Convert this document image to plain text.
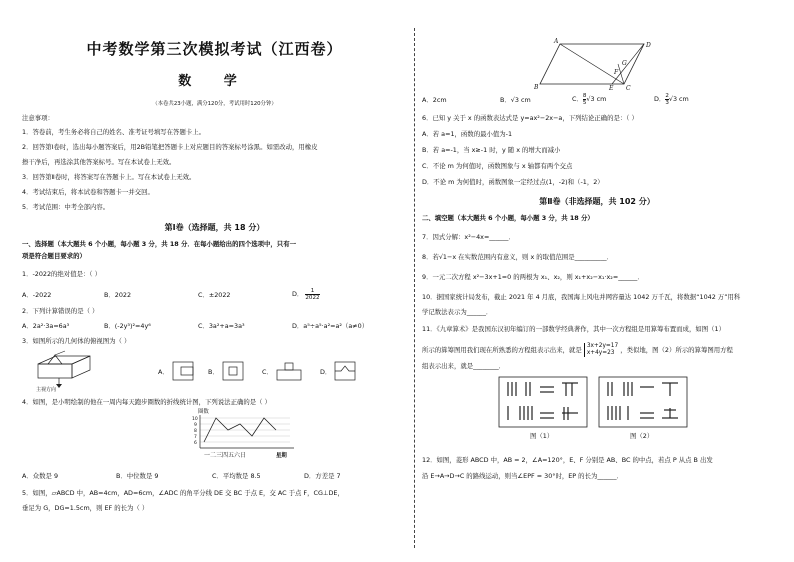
中考数学第三次模拟考试（江西卷）
数 学
（本卷共23小题，满分120分，考试用时120分钟）
注意事项：
1．答卷前，考生务必将自己的姓名、准考证号填写在答题卡上。
2．回答第Ⅰ卷时，选出每小题答案后，用2B铅笔把答题卡上对应题目的答案标号涂黑。如需改动，用橡皮
擦干净后，再选涂其他答案标号。写在本试卷上无效。
3．回答第Ⅱ卷时，将答案写在答题卡上。写在本试卷上无效。
4．考试结束后，将本试卷和答题卡一并交回。
5．考试范围：中考全部内容。
第Ⅰ卷（选择题，共 18 分）
一、选择题（本大题共 6 个小题，每小题 3 分，共 18 分．在每小题给出的四个选项中，只有一
项是符合题目要求的）
1．-2022的绝对值是：（ ）
A．-2022	B．2022	C．±2022	D． $\frac{1}{2022}$
2．下列计算错误的是（ ）
A．2a²·3a=6a³	B．(-2y³)²=4y⁶	C．3a²+a=3a³	D．a⁵÷a⁵·a²=a²（a≠0）
3．如图所示的几何体的俯视图为（ ）
主视方向
A．	B．	C．	D．
4．如图，是小明绘制的他在一周内每天跑步圈数的折线统计图，下列说法正确的是（ ）
圈数
10
9
8
7
6
一二三四五六日	星期
A．众数是 9	B．中位数是 9	C．平均数是 8.5	D．方差是 7
5．如图，▱ABCD 中，AB=4cm，AD=6cm，∠ADC 的角平分线 DE 交 BC 于点 E，交 AC 于点 F，CG⊥DE，
垂足为 G，DG=1.5cm，则 EF 的长为（ ）
A
D
B	C
E
F
G
A．2cm	B．√3 cm	C． $\frac{8}{5} √3$ cm	D． $\frac{2}{3} √3$ cm
6．已知 y 关于 x 的函数表达式是 y=ax²−2x−a，下列结论正确的是：（ ）
A．若 a=1，函数的最小值为-1
B．若 a=-1，当 x≥-1 时，y 随 x 的增大而减小
C．不论 m 为何值时，函数图象与 x 轴都有两个交点
D．不论 m 为何值时，函数图象一定经过点(1，-2)和（-1，2）
第Ⅱ卷（非选择题，共 102 分）
二、填空题（本大题共 6 个小题，每小题 3 分，共 18 分）
7．因式分解：x²−4x=______．
8．若√1−x 在实数范围内有意义，则 x 的取值范围是__________．
9．一元二次方程 x²−3x+1=0 的两根为 x₁、x₂，则 x₁+x₂−x₁·x₂=______．
10．据国家统计局发布，截止 2021 年 4 月底，我国海上风电并网容量达 1042 万千瓦，将数据“1042 万”用科
学记数法表示为______．
11．《九章算术》是我国东汉初年编订的一部数学经典著作，其中一次方程组是用算筹布置而成，如图（1）
所示的算筹图用我们现在所熟悉的方程组表示出来，就是 3x+2y=17
x+4y=23 ，类似地，图（2）所示的算筹图用方程
组表示出来，就是________．
图（1）	图（2）
12．如图，菱形 ABCD 中，AB = 2，∠A=120°，E、F 分别是 AB、BC 的中点，若点 P 从点 B 出发
沿 E→A→D→C 的路线运动，则当∠EPF = 30°时，EP 的长为______．
